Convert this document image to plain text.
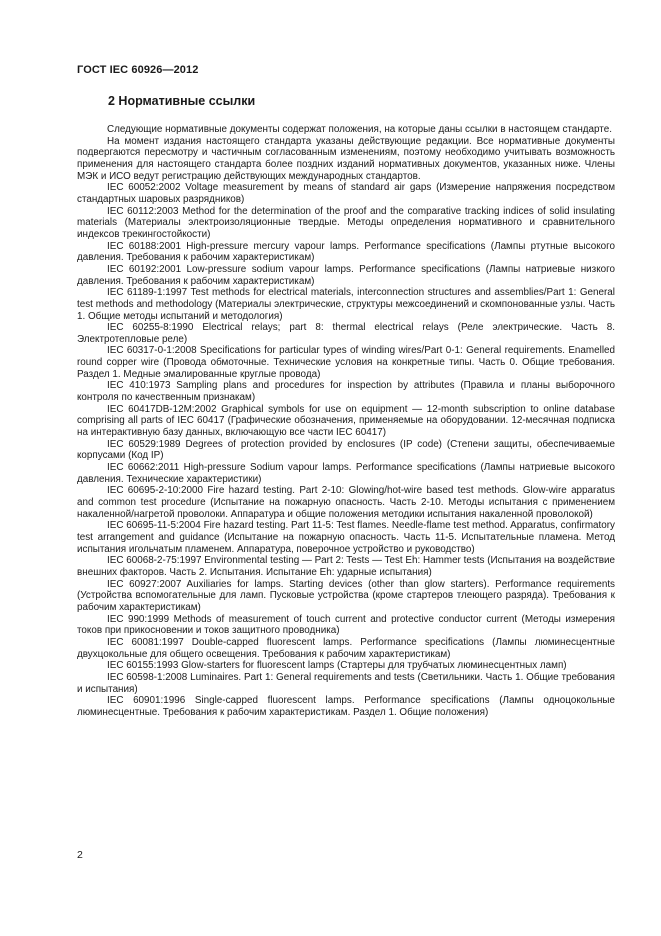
ГОСТ IEC 60926—2012
2 Нормативные ссылки

Следующие нормативные документы содержат положения, на которые даны ссылки в настоящем стандарте.

На момент издания настоящего стандарта указаны действующие редакции. Все нормативные документы подвергаются пересмотру и частичным согласованным изменениям, поэтому необходимо учитывать возможность применения для настоящего стандарта более поздних изданий нормативных документов, указанных ниже. Члены МЭК и ИСО ведут регистрацию действующих международных стандартов.

IEC 60052:2002 Voltage measurement by means of standard air gaps (Измерение напряжения посредством стандартных шаровых разрядников)

IEC 60112:2003 Method for the determination of the proof and the comparative tracking indices of solid insulating materials (Материалы электроизоляционные твердые. Методы определения нормативного и сравнительного индексов трекингостойкости)

IEC 60188:2001 High-pressure mercury vapour lamps. Performance specifications (Лампы ртутные высокого давления. Требования к рабочим характеристикам)

IEC 60192:2001 Low-pressure sodium vapour lamps. Performance specifications (Лампы натриевые низкого давления. Требования к рабочим характеристикам)

IEC 61189-1:1997 Test methods for electrical materials, interconnection structures and assemblies/Part 1: General test methods and methodology (Материалы электрические, структуры межсоединений и скомпонованные узлы. Часть 1. Общие методы испытаний и методология)

IEC 60255-8:1990 Electrical relays; part 8: thermal electrical relays (Реле электрические. Часть 8. Электротепловые реле)

IEC 60317-0-1:2008 Specifications for particular types of winding wires/Part 0-1: General requirements. Enamelled round copper wire (Провода обмоточные. Технические условия на конкретные типы. Часть 0. Общие требования. Раздел 1. Медные эмалированные круглые провода)

IEC 410:1973 Sampling plans and procedures for inspection by attributes (Правила и планы выборочного контроля по качественным признакам)

IEC 60417DB-12M:2002 Graphical symbols for use on equipment — 12-month subscription to online database comprising all parts of IEC 60417 (Графические обозначения, применяемые на оборудовании. 12-месячная подписка на интерактивную базу данных, включающую все части IEC 60417)

IEC 60529:1989 Degrees of protection provided by enclosures (IP code) (Степени защиты, обеспечиваемые корпусами (Код IP)

IEC 60662:2011 High-pressure Sodium vapour lamps. Performance specifications (Лампы натриевые высокого давления. Технические характеристики)

IEC 60695-2-10:2000 Fire hazard testing. Part 2-10: Glowing/hot-wire based test methods. Glow-wire apparatus and common test procedure (Испытание на пожарную опасность. Часть 2-10. Методы испытания с применением накаленной/нагретой проволоки. Аппаратура и общие положения методики испытания накаленной проволокой)

IEC 60695-11-5:2004 Fire hazard testing. Part 11-5: Test flames. Needle-flame test method. Apparatus, confirmatory test arrangement and guidance (Испытание на пожарную опасность. Часть 11-5. Испытательные пламена. Метод испытания игольчатым пламенем. Аппаратура, поверочное устройство и руководство)

IEC 60068-2-75:1997 Environmental testing — Part 2: Tests — Test Eh: Hammer tests (Испытания на воздействие внешних факторов. Часть 2. Испытания. Испытание Eh: ударные испытания)

IEC 60927:2007 Auxiliaries for lamps. Starting devices (other than glow starters). Performance requirements (Устройства вспомогательные для ламп. Пусковые устройства (кроме стартеров тлеющего разряда). Требования к рабочим характеристикам)

IEC 990:1999 Methods of measurement of touch current and protective conductor current (Методы измерения токов при прикосновении и токов защитного проводника)

IEC 60081:1997 Double-capped fluorescent lamps. Performance specifications (Лампы люминесцентные двухцокольные для общего освещения. Требования к рабочим характеристикам)

IEC 60155:1993 Glow-starters for fluorescent lamps (Стартеры для трубчатых люминесцентных ламп)

IEC 60598-1:2008 Luminaires. Part 1: General requirements and tests (Светильники. Часть 1. Общие требования и испытания)

IEC 60901:1996 Single-capped fluorescent lamps. Performance specifications (Лампы одноцокольные люминесцентные. Требования к рабочим характеристикам. Раздел 1. Общие положения)

2
